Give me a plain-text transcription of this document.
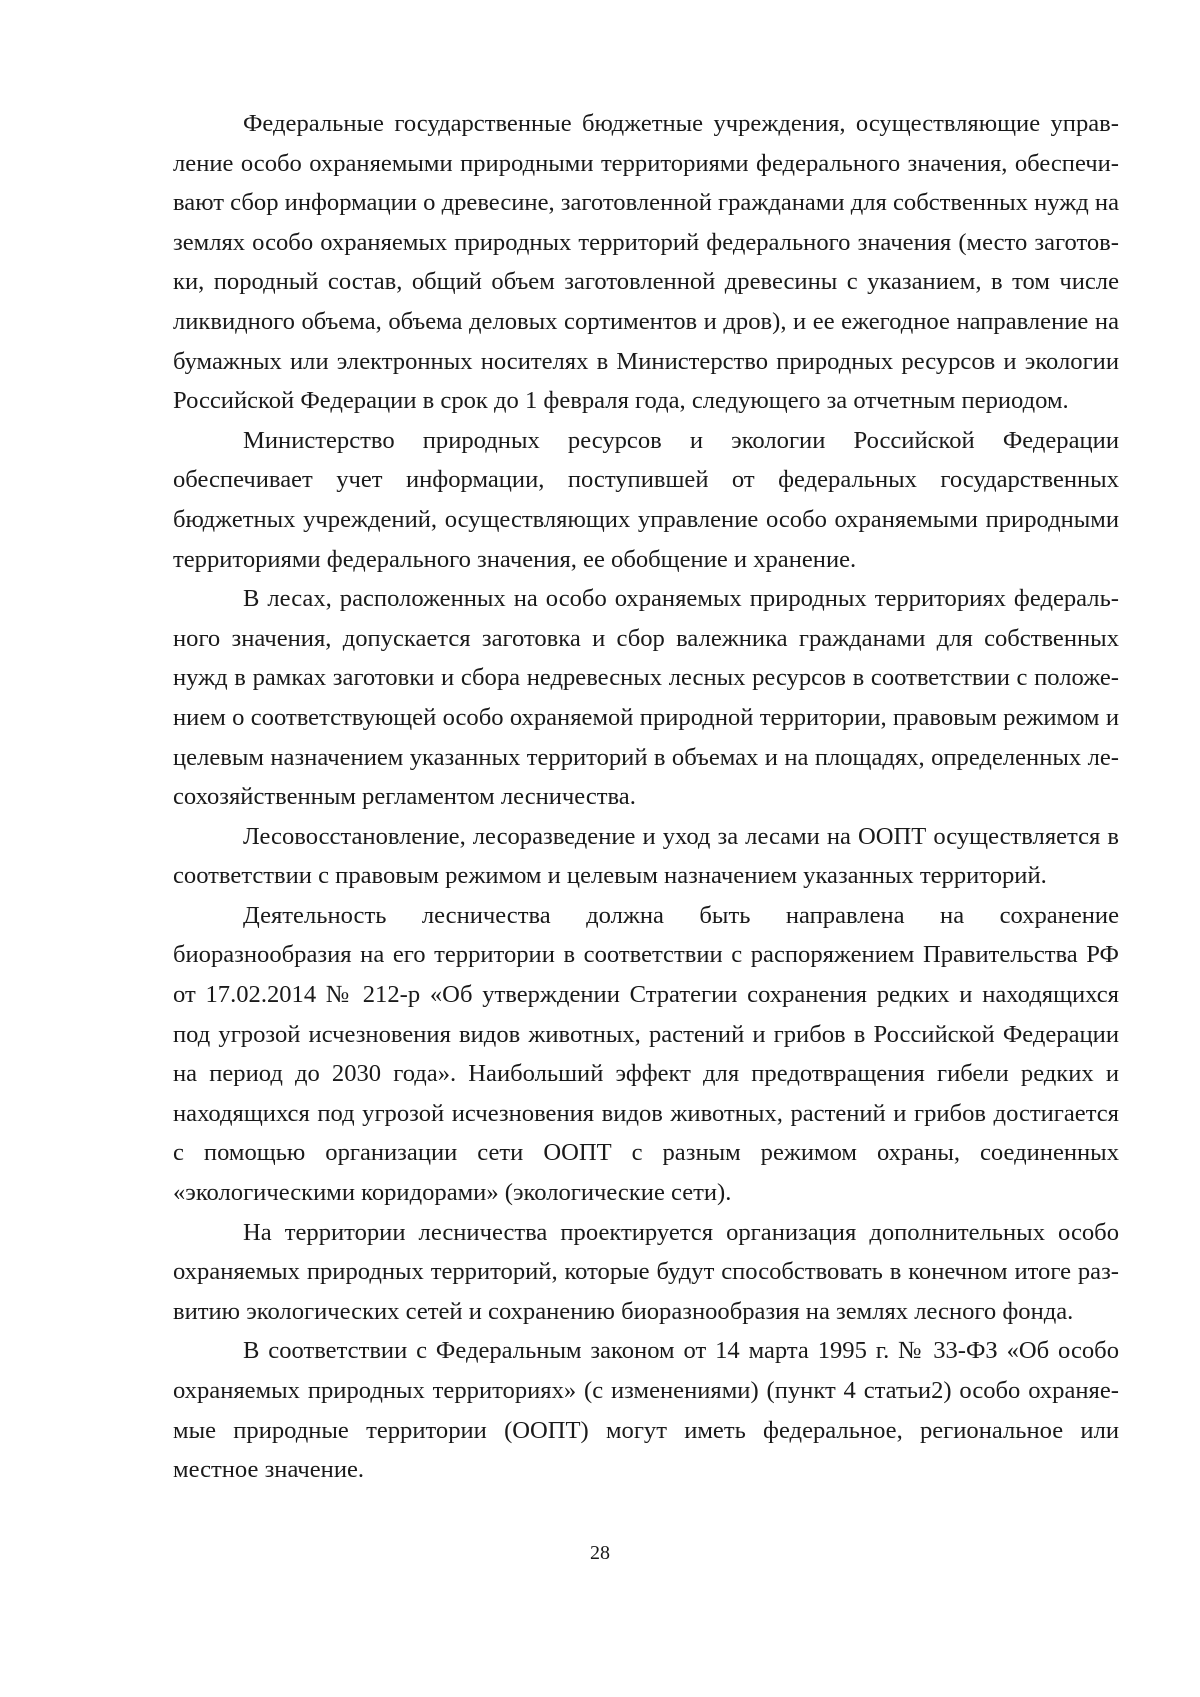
Федеральные государственные бюджетные учреждения, осуществляющие управление особо охраняемыми природными территориями федерального значения, обеспечивают сбор информации о древесине, заготовленной гражданами для собственных нужд на землях особо охраняемых природных территорий федерального значения (место заготовки, породный состав, общий объем заготовленной древесины с указанием, в том числе ликвидного объема, объема деловых сортиментов и дров), и ее ежегодное направление на бумажных или электронных носителях в Министерство природных ресурсов и экологии Российской Федерации в срок до 1 февраля года, следующего за отчетным периодом.

Министерство природных ресурсов и экологии Российской Федерации обеспечивает учет информации, поступившей от федеральных государственных бюджетных учреждений, осуществляющих управление особо охраняемыми природными территориями федерального значения, ее обобщение и хранение.

В лесах, расположенных на особо охраняемых природных территориях федерального значения, допускается заготовка и сбор валежника гражданами для собственных нужд в рамках заготовки и сбора недревесных лесных ресурсов в соответствии с положением о соответствующей особо охраняемой природной территории, правовым режимом и целевым назначением указанных территорий в объемах и на площадях, определенных лесохозяйственным регламентом лесничества.

Лесовосстановление, лесоразведение и уход за лесами на ООПТ осуществляется в соответствии с правовым режимом и целевым назначением указанных территорий.

Деятельность лесничества должна быть направлена на сохранение биоразнообразия на его территории в соответствии с распоряжением Правительства РФ от 17.02.2014 № 212-р «Об утверждении Стратегии сохранения редких и находящихся под угрозой исчезновения видов животных, растений и грибов в Российской Федерации на период до 2030 года». Наибольший эффект для предотвращения гибели редких и находящихся под угрозой исчезновения видов животных, растений и грибов достигается с помощью организации сети ООПТ с разным режимом охраны, соединенных «экологическими коридорами» (экологические сети).

На территории лесничества проектируется организация дополнительных особо охраняемых природных территорий, которые будут способствовать в конечном итоге развитию экологических сетей и сохранению биоразнообразия на землях лесного фонда.

В соответствии с Федеральным законом от 14 марта 1995 г. № 33-ФЗ «Об особо охраняемых природных территориях» (с изменениями) (пункт 4 статьи2) особо охраняемые природные территории (ООПТ) могут иметь федеральное, региональное или местное значение.

28
